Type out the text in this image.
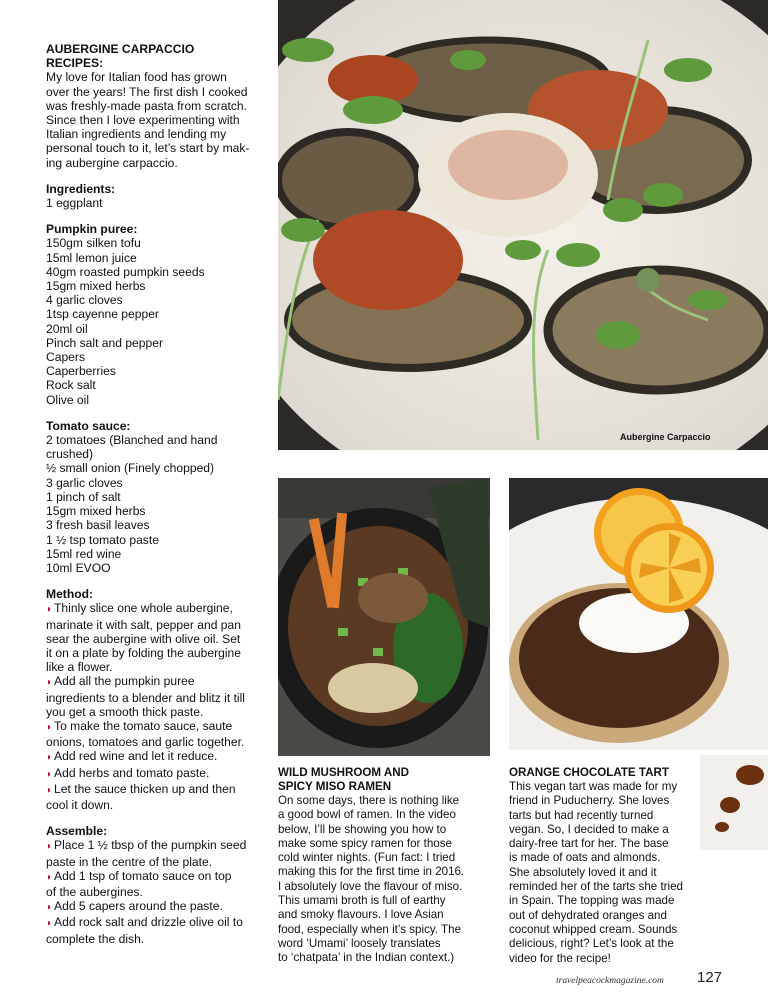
AUBERGINE CARPACCIO

RECIPES:

My love for Italian food has grown
over the years! The first dish I cooked
was freshly-made pasta from scratch.
Since then I love experimenting with
Italian ingredients and lending my
personal touch to it, let’s start by mak-
ing aubergine carpaccio.

Ingredients:

1 eggplant

Pumpkin puree:

150gm silken tofu
15ml lemon juice
40gm roasted pumpkin seeds
15gm mixed herbs
4 garlic cloves
1tsp cayenne pepper
20ml oil
Pinch salt and pepper
Capers
Caperberries
Rock salt
Olive oil

Tomato sauce:

2 tomatoes (Blanched and hand
crushed)
½ small onion (Finely chopped)
3 garlic cloves
1 pinch of salt
15gm mixed herbs
3 fresh basil leaves
1 ½ tsp tomato paste
15ml red wine
10ml EVOO

Method:

◗ Thinly slice one whole aubergine,
marinate it with salt, pepper and pan
sear the aubergine with olive oil. Set
it on a plate by folding the aubergine
like a flower.
◗ Add all the pumpkin puree
ingredients to a blender and blitz it till
you get a smooth thick paste.
◗ To make the tomato sauce, saute
onions, tomatoes and garlic together.
◗ Add red wine and let it reduce.
◗ Add herbs and tomato paste.
◗ Let the sauce thicken up and then
cool it down.

Assemble:

◗ Place 1 ½ tbsp of the pumpkin seed
paste in the centre of the plate.
◗ Add 1 tsp of tomato sauce on top
of the aubergines.
◗ Add 5 capers around the paste.
◗ Add rock salt and drizzle olive oil to
complete the dish.

Aubergine Carpaccio

WILD MUSHROOM AND
SPICY MISO RAMEN

On some days, there is nothing like
a good bowl of ramen. In the video
below, I’ll be showing you how to
make some spicy ramen for those
cold winter nights. (Fun fact: I tried
making this for the first time in 2016.
I absolutely love the flavour of miso.
This umami broth is full of earthy
and smoky flavours. I love Asian
food, especially when it’s spicy. The
word ‘Umami’ loosely translates
to ‘chatpata’ in the Indian context.)

ORANGE CHOCOLATE TART

This vegan tart was made for my
friend in Puducherry. She loves
tarts but had recently turned
vegan. So, I decided to make a
dairy-free tart for her. The base
is made of oats and almonds.
She absolutely loved it and it
reminded her of the tarts she tried
in Spain. The topping was made
out of dehydrated oranges and
coconut whipped cream. Sounds
delicious, right? Let’s look at the
video for the recipe!

travelpeacockmagazine.com 127
